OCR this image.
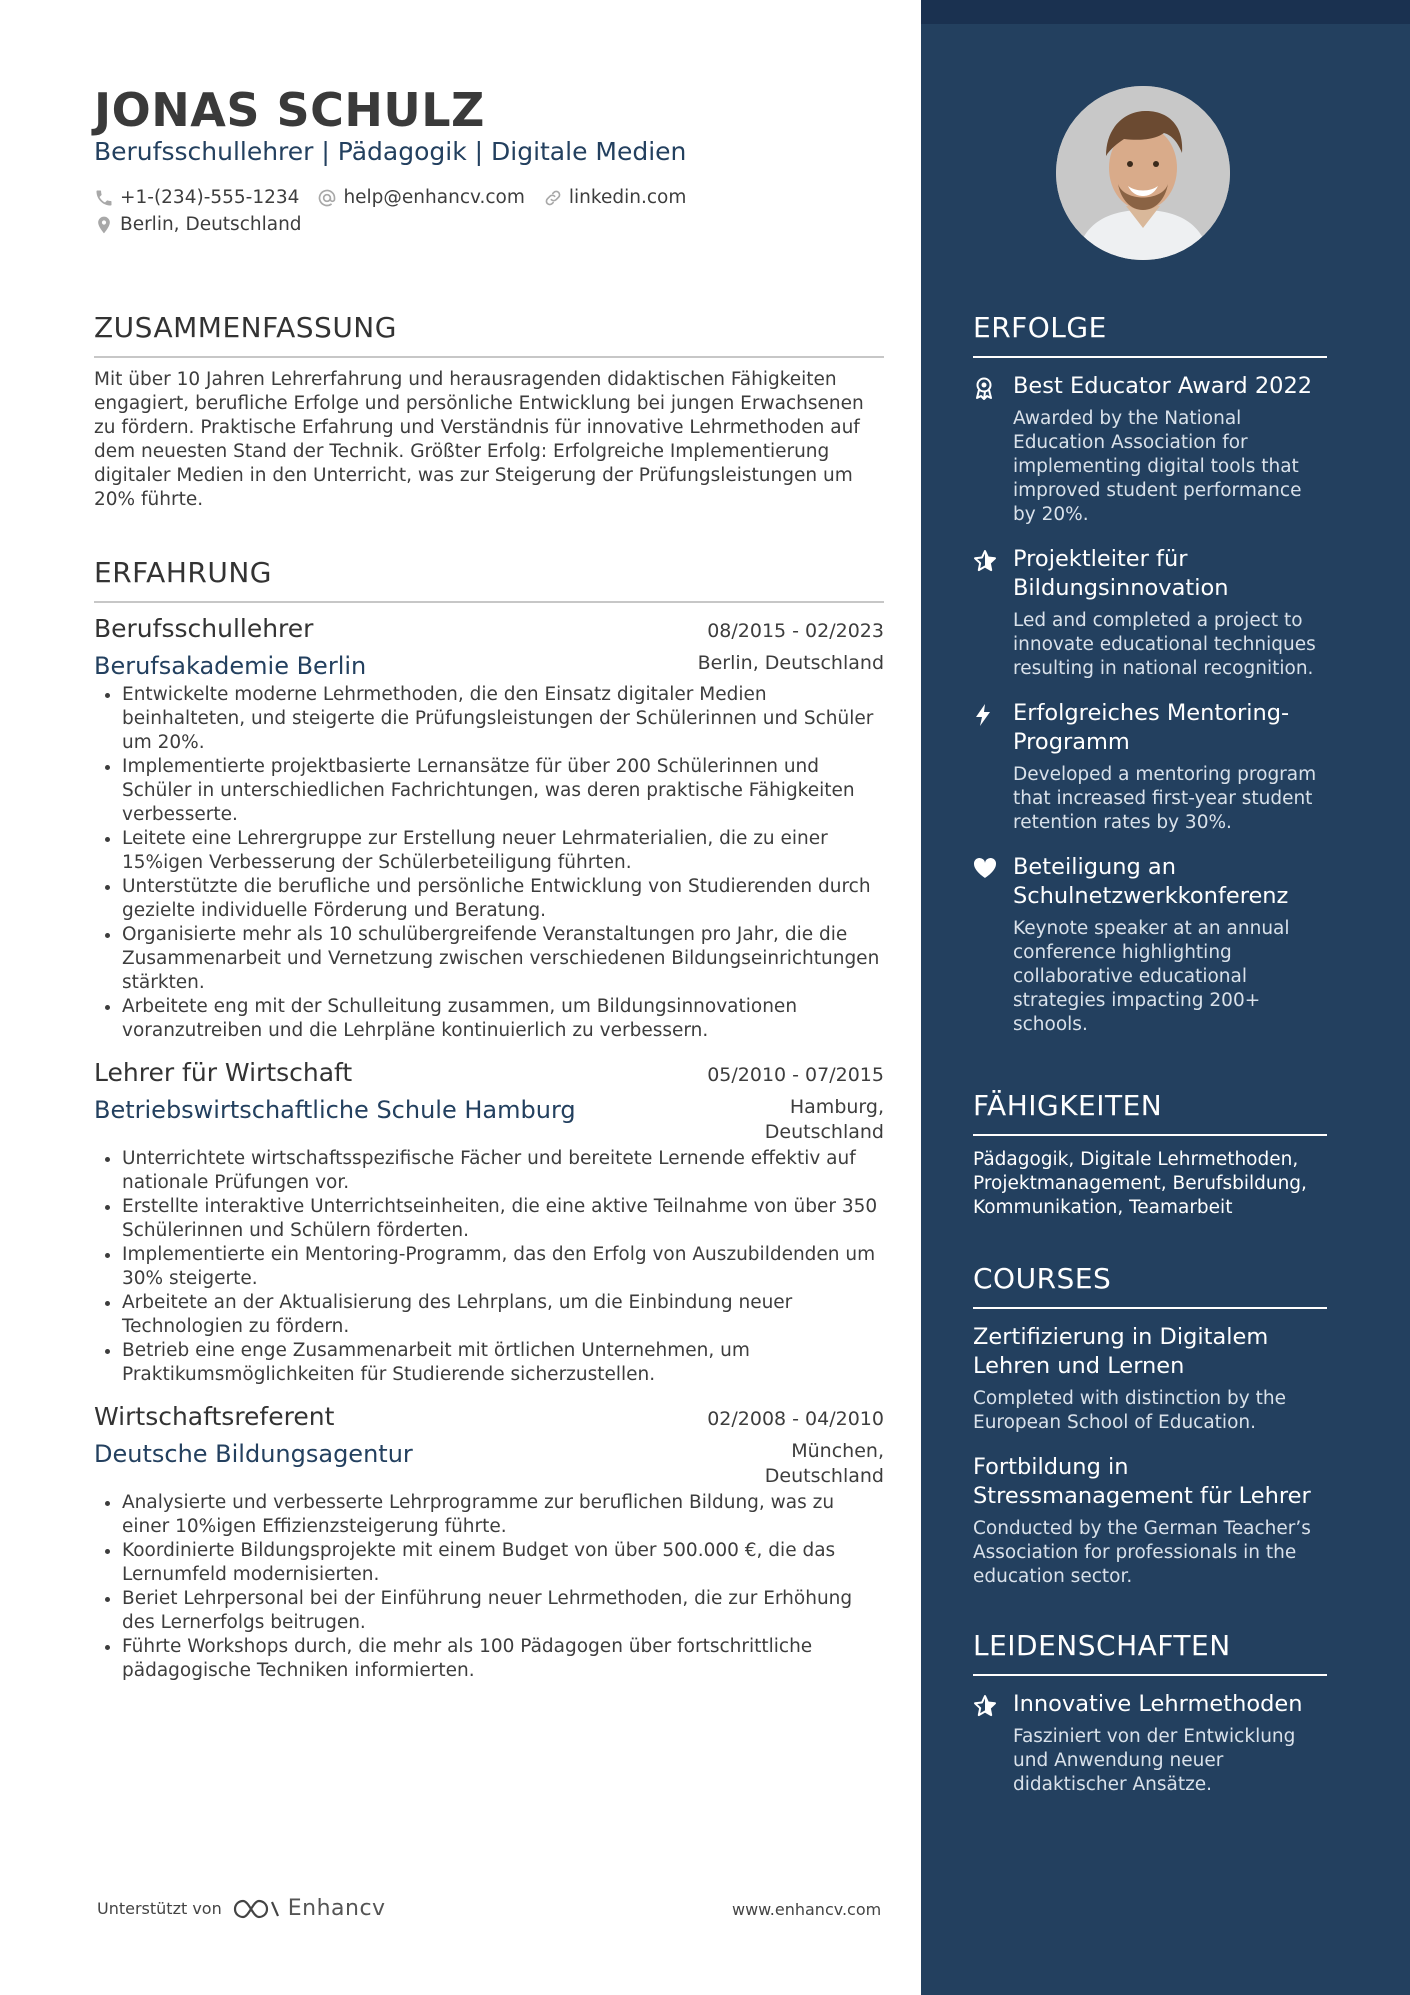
JONAS SCHULZ
Berufsschullehrer | Pädagogik | Digitale Medien
+1-(234)-555-1234 help@enhancv.com linkedin.com
Berlin, Deutschland
ZUSAMMENFASSUNG
Mit über 10 Jahren Lehrerfahrung und herausragenden didaktischen Fähigkeiten engagiert, berufliche Erfolge und persönliche Entwicklung bei jungen Erwachsenen zu fördern. Praktische Erfahrung und Verständnis für innovative Lehrmethoden auf dem neuesten Stand der Technik. Größter Erfolg: Erfolgreiche Implementierung digitaler Medien in den Unterricht, was zur Steigerung der Prüfungsleistungen um 20% führte.
ERFAHRUNG
Berufsschullehrer	08/2015 - 02/2023
Berufsakademie Berlin	Berlin, Deutschland
• Entwickelte moderne Lehrmethoden, die den Einsatz digitaler Medien beinhalteten, und steigerte die Prüfungsleistungen der Schülerinnen und Schüler um 20%.
• Implementierte projektbasierte Lernansätze für über 200 Schülerinnen und Schüler in unterschiedlichen Fachrichtungen, was deren praktische Fähigkeiten verbesserte.
• Leitete eine Lehrergruppe zur Erstellung neuer Lehrmaterialien, die zu einer 15%igen Verbesserung der Schülerbeteiligung führten.
• Unterstützte die berufliche und persönliche Entwicklung von Studierenden durch gezielte individuelle Förderung und Beratung.
• Organisierte mehr als 10 schulübergreifende Veranstaltungen pro Jahr, die die Zusammenarbeit und Vernetzung zwischen verschiedenen Bildungseinrichtungen stärkten.
• Arbeitete eng mit der Schulleitung zusammen, um Bildungsinnovationen voranzutreiben und die Lehrpläne kontinuierlich zu verbessern.
Lehrer für Wirtschaft	05/2010 - 07/2015
Betriebswirtschaftliche Schule Hamburg	Hamburg,
Deutschland
• Unterrichtete wirtschaftsspezifische Fächer und bereitete Lernende effektiv auf nationale Prüfungen vor.
• Erstellte interaktive Unterrichtseinheiten, die eine aktive Teilnahme von über 350 Schülerinnen und Schülern förderten.
• Implementierte ein Mentoring-Programm, das den Erfolg von Auszubildenden um 30% steigerte.
• Arbeitete an der Aktualisierung des Lehrplans, um die Einbindung neuer Technologien zu fördern.
• Betrieb eine enge Zusammenarbeit mit örtlichen Unternehmen, um Praktikumsmöglichkeiten für Studierende sicherzustellen.
Wirtschaftsreferent	02/2008 - 04/2010
Deutsche Bildungsagentur	München,
Deutschland
• Analysierte und verbesserte Lehrprogramme zur beruflichen Bildung, was zu einer 10%igen Effizienzsteigerung führte.
• Koordinierte Bildungsprojekte mit einem Budget von über 500.000 €, die das Lernumfeld modernisierten.
• Beriet Lehrpersonal bei der Einführung neuer Lehrmethoden, die zur Erhöhung des Lernerfolgs beitrugen.
• Führte Workshops durch, die mehr als 100 Pädagogen über fortschrittliche pädagogische Techniken informierten.
Unterstützt von	Enhancv	www.enhancv.com
ERFOLGE
Best Educator Award 2022
Awarded by the National Education Association for implementing digital tools that improved student performance by 20%.
Projektleiter für Bildungsinnovation
Led and completed a project to innovate educational techniques resulting in national recognition.
Erfolgreiches Mentoring-Programm
Developed a mentoring program that increased first-year student retention rates by 30%.
Beteiligung an Schulnetzwerkkonferenz
Keynote speaker at an annual conference highlighting collaborative educational strategies impacting 200+ schools.
FÄHIGKEITEN
Pädagogik, Digitale Lehrmethoden, Projektmanagement, Berufsbildung, Kommunikation, Teamarbeit
COURSES
Zertifizierung in Digitalem Lehren und Lernen
Completed with distinction by the European School of Education.
Fortbildung in Stressmanagement für Lehrer
Conducted by the German Teacher’s Association for professionals in the education sector.
LEIDENSCHAFTEN
Innovative Lehrmethoden
Fasziniert von der Entwicklung und Anwendung neuer didaktischer Ansätze.
